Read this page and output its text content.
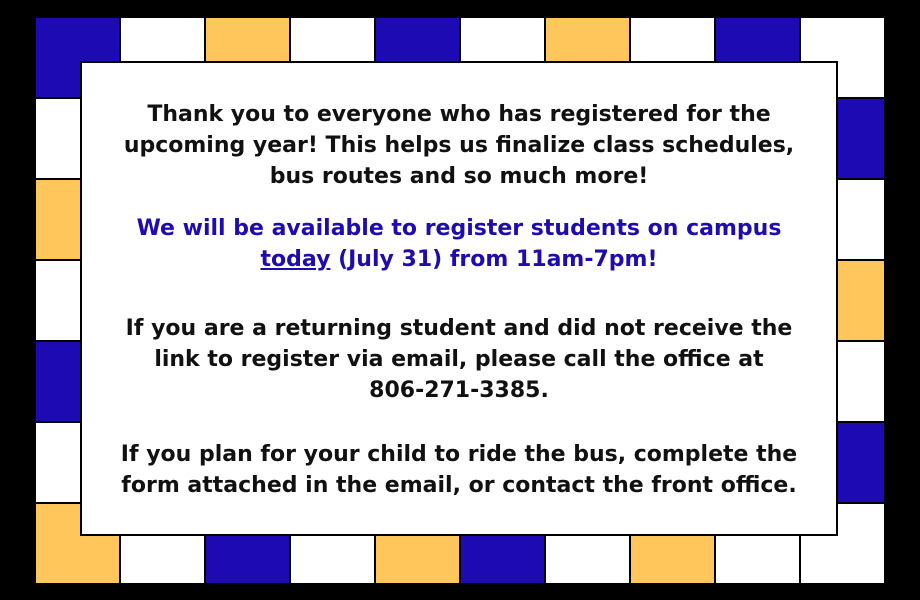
Thank you to everyone who has registered for the
upcoming year! This helps us finalize class schedules,
bus routes and so much more!

We will be available to register students on campus
today (July 31) from 11am-7pm!

If you are a returning student and did not receive the
link to register via email, please call the office at
806-271-3385.

If you plan for your child to ride the bus, complete the
form attached in the email, or contact the front office.
